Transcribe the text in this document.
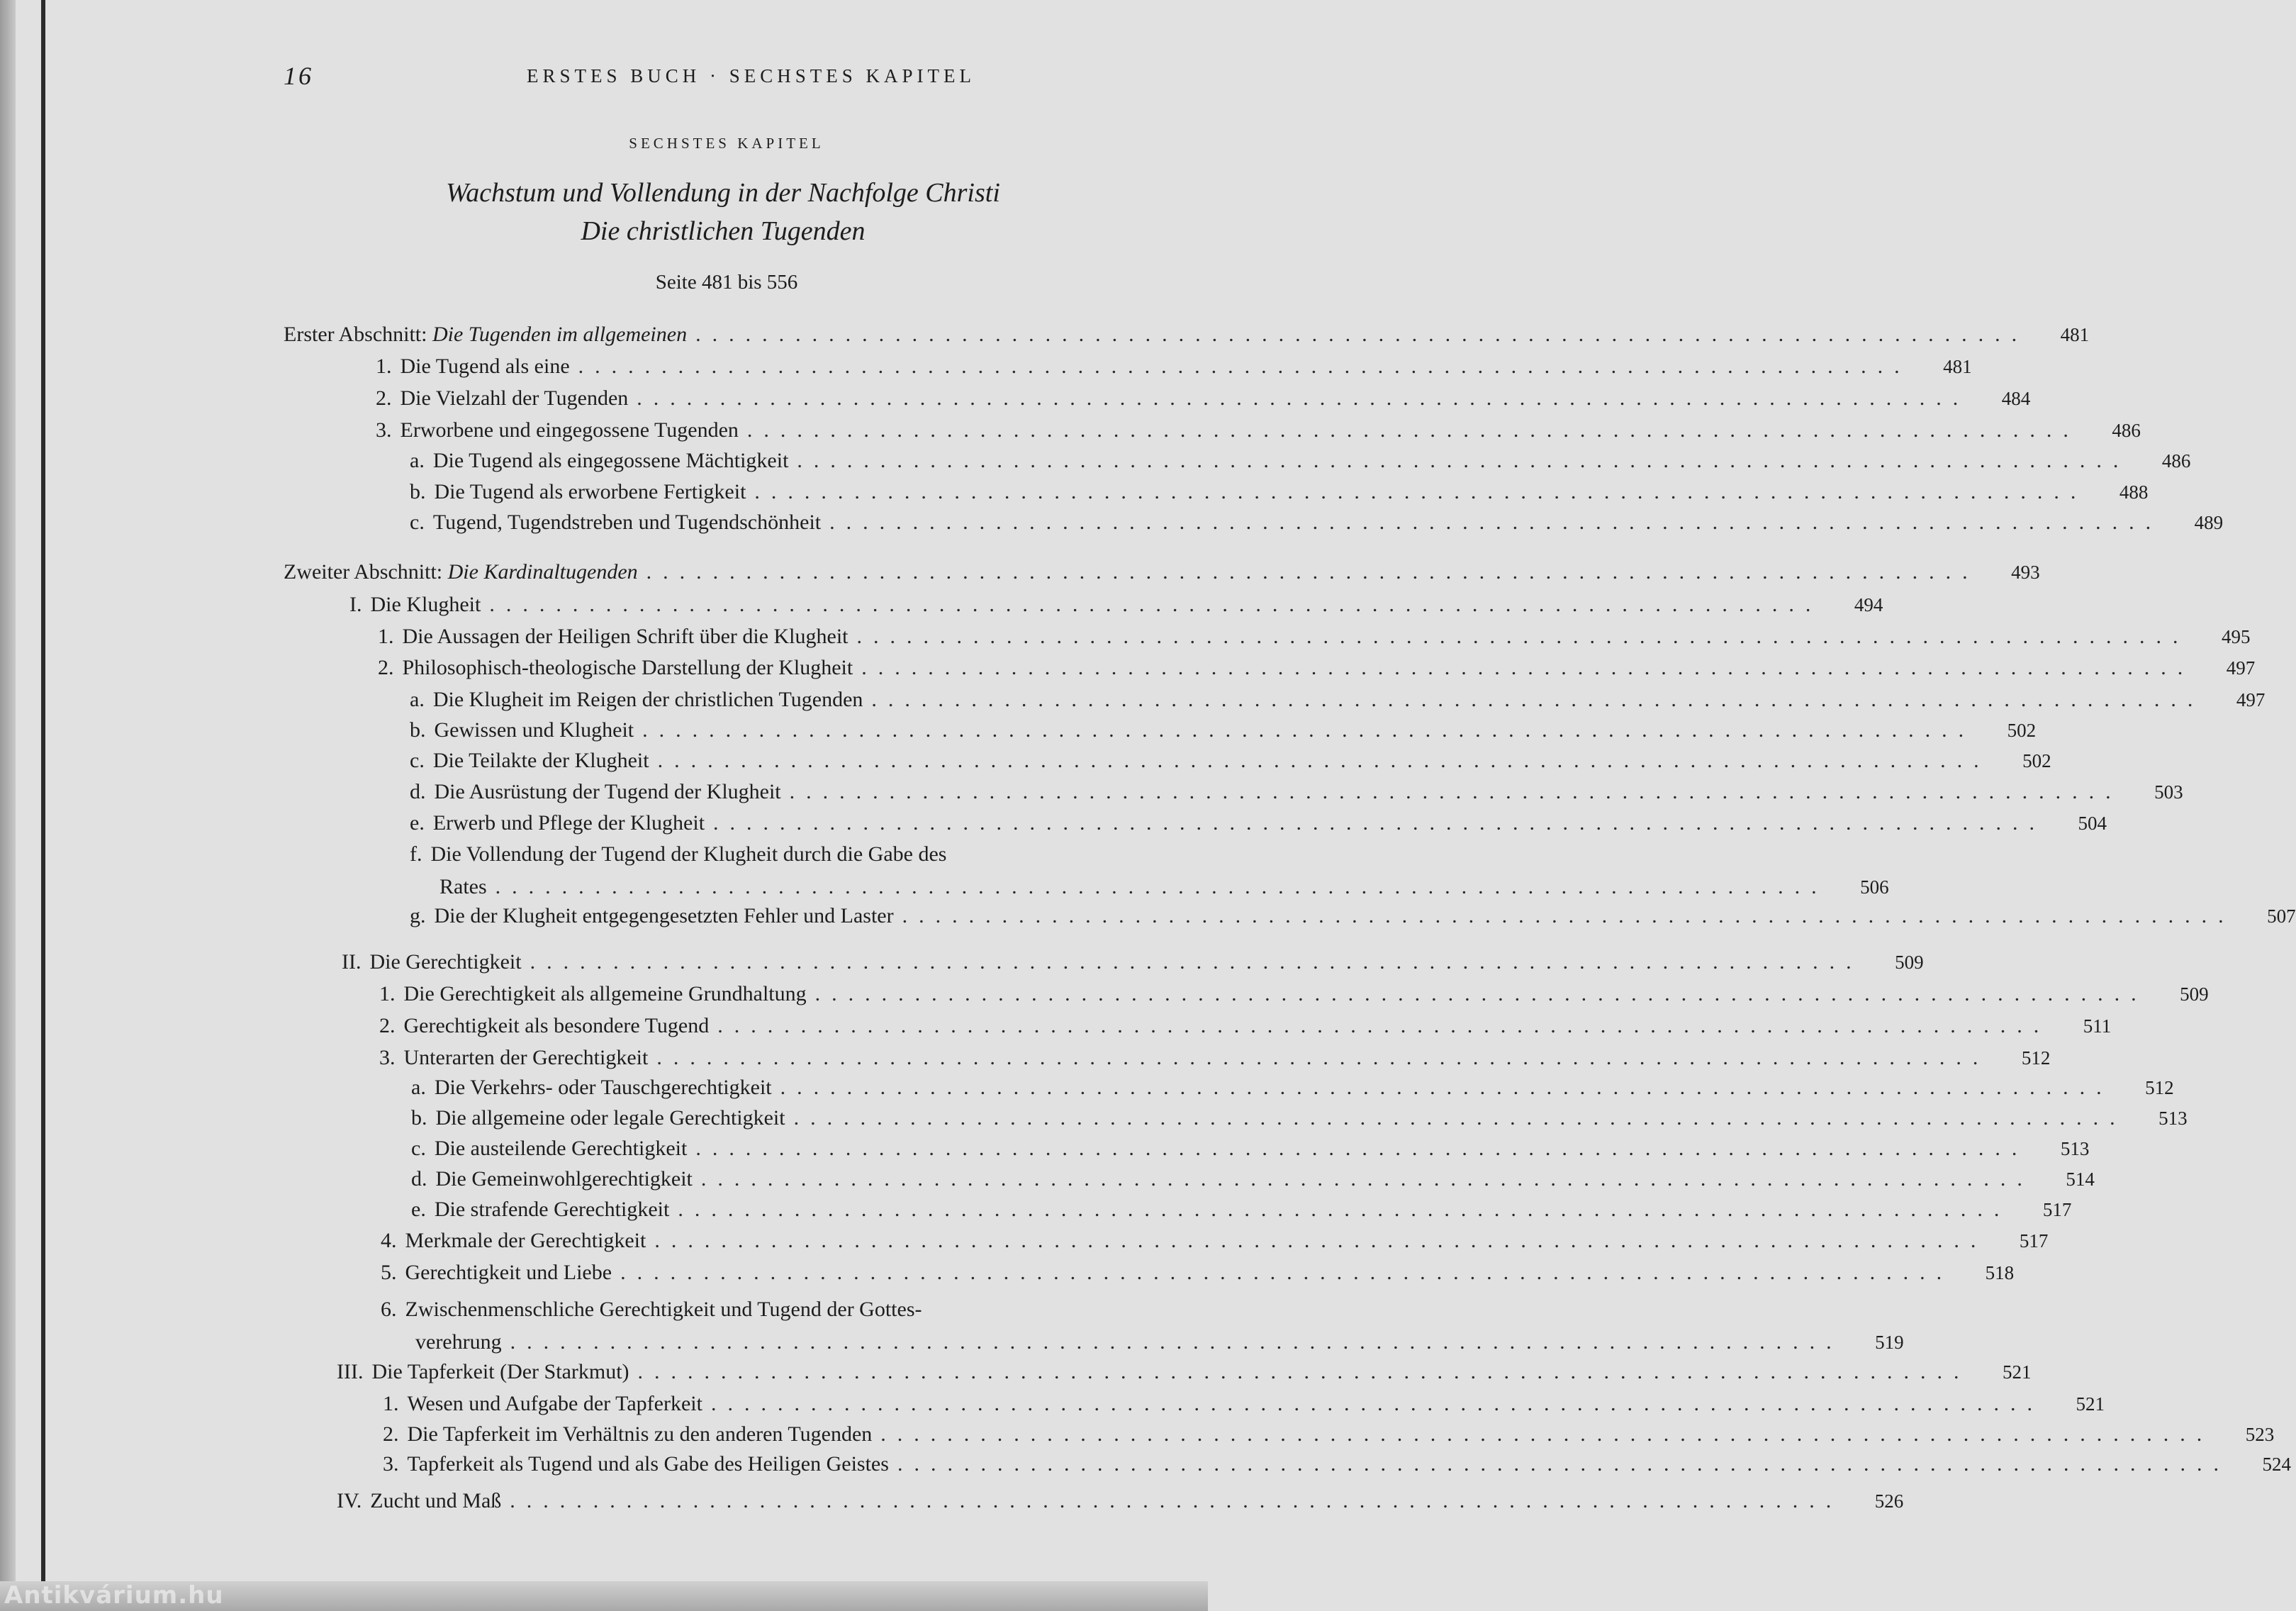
16	ERSTES BUCH · SECHSTES KAPITEL
SECHSTES KAPITEL
Wachstum und Vollendung in der Nachfolge Christi
Die christlichen Tugenden
Seite 481 bis 556
Erster Abschnitt: Die Tugenden im allgemeinen ................................................................................	481
1. Die Tugend als eine ................................................................................	481
2. Die Vielzahl der Tugenden ................................................................................	484
3. Erworbene und eingegossene Tugenden ................................................................................	486
a. Die Tugend als eingegossene Mächtigkeit ................................................................................	486
b. Die Tugend als erworbene Fertigkeit ................................................................................	488
c. Tugend, Tugendstreben und Tugendschönheit ................................................................................	489
Zweiter Abschnitt: Die Kardinaltugenden ................................................................................	493
I. Die Klugheit ................................................................................	494
1. Die Aussagen der Heiligen Schrift über die Klugheit ................................................................................	495
2. Philosophisch-theologische Darstellung der Klugheit ................................................................................	497
a. Die Klugheit im Reigen der christlichen Tugenden ................................................................................	497
b. Gewissen und Klugheit ................................................................................	502
c. Die Teilakte der Klugheit ................................................................................	502
d. Die Ausrüstung der Tugend der Klugheit ................................................................................	503
e. Erwerb und Pflege der Klugheit ................................................................................	504
f. Die Vollendung der Tugend der Klugheit durch die Gabe des
Rates ................................................................................	506
g. Die der Klugheit entgegengesetzten Fehler und Laster ................................................................................	507
II. Die Gerechtigkeit ................................................................................	509
1. Die Gerechtigkeit als allgemeine Grundhaltung ................................................................................	509
2. Gerechtigkeit als besondere Tugend ................................................................................	511
3. Unterarten der Gerechtigkeit ................................................................................	512
a. Die Verkehrs- oder Tauschgerechtigkeit ................................................................................	512
b. Die allgemeine oder legale Gerechtigkeit ................................................................................	513
c. Die austeilende Gerechtigkeit ................................................................................	513
d. Die Gemeinwohlgerechtigkeit ................................................................................	514
e. Die strafende Gerechtigkeit ................................................................................	517
4. Merkmale der Gerechtigkeit ................................................................................	517
5. Gerechtigkeit und Liebe ................................................................................	518
6. Zwischenmenschliche Gerechtigkeit und Tugend der Gottes-
verehrung ................................................................................	519
III. Die Tapferkeit (Der Starkmut) ................................................................................	521
1. Wesen und Aufgabe der Tapferkeit ................................................................................	521
2. Die Tapferkeit im Verhältnis zu den anderen Tugenden ................................................................................	523
3. Tapferkeit als Tugend und als Gabe des Heiligen Geistes ................................................................................	524
IV. Zucht und Maß ................................................................................	526
Antikvárium.hu
